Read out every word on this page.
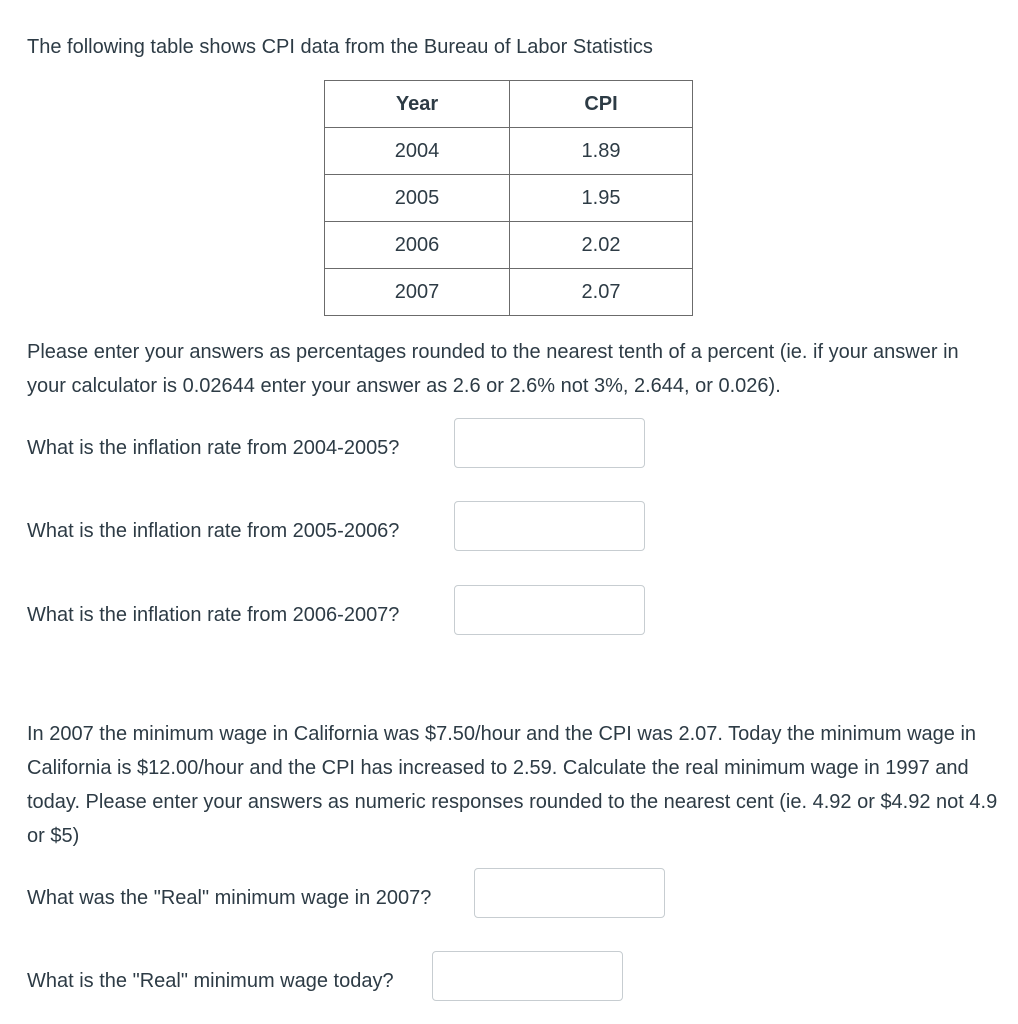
The following table shows CPI data from the Bureau of Labor Statistics

Year	CPI
2004	1.89
2005	1.95
2006	2.02
2007	2.07

Please enter your answers as percentages rounded to the nearest tenth of a percent (ie. if your answer in your calculator is 0.02644 enter your answer as 2.6 or 2.6% not 3%, 2.644, or 0.026).

What is the inflation rate from 2004-2005?

What is the inflation rate from 2005-2006?

What is the inflation rate from 2006-2007?

In 2007 the minimum wage in California was $7.50/hour and the CPI was 2.07. Today the minimum wage in California is $12.00/hour and the CPI has increased to 2.59. Calculate the real minimum wage in 1997 and today. Please enter your answers as numeric responses rounded to the nearest cent (ie. 4.92 or $4.92 not 4.9 or $5)

What was the "Real" minimum wage in 2007?

What is the "Real" minimum wage today?
